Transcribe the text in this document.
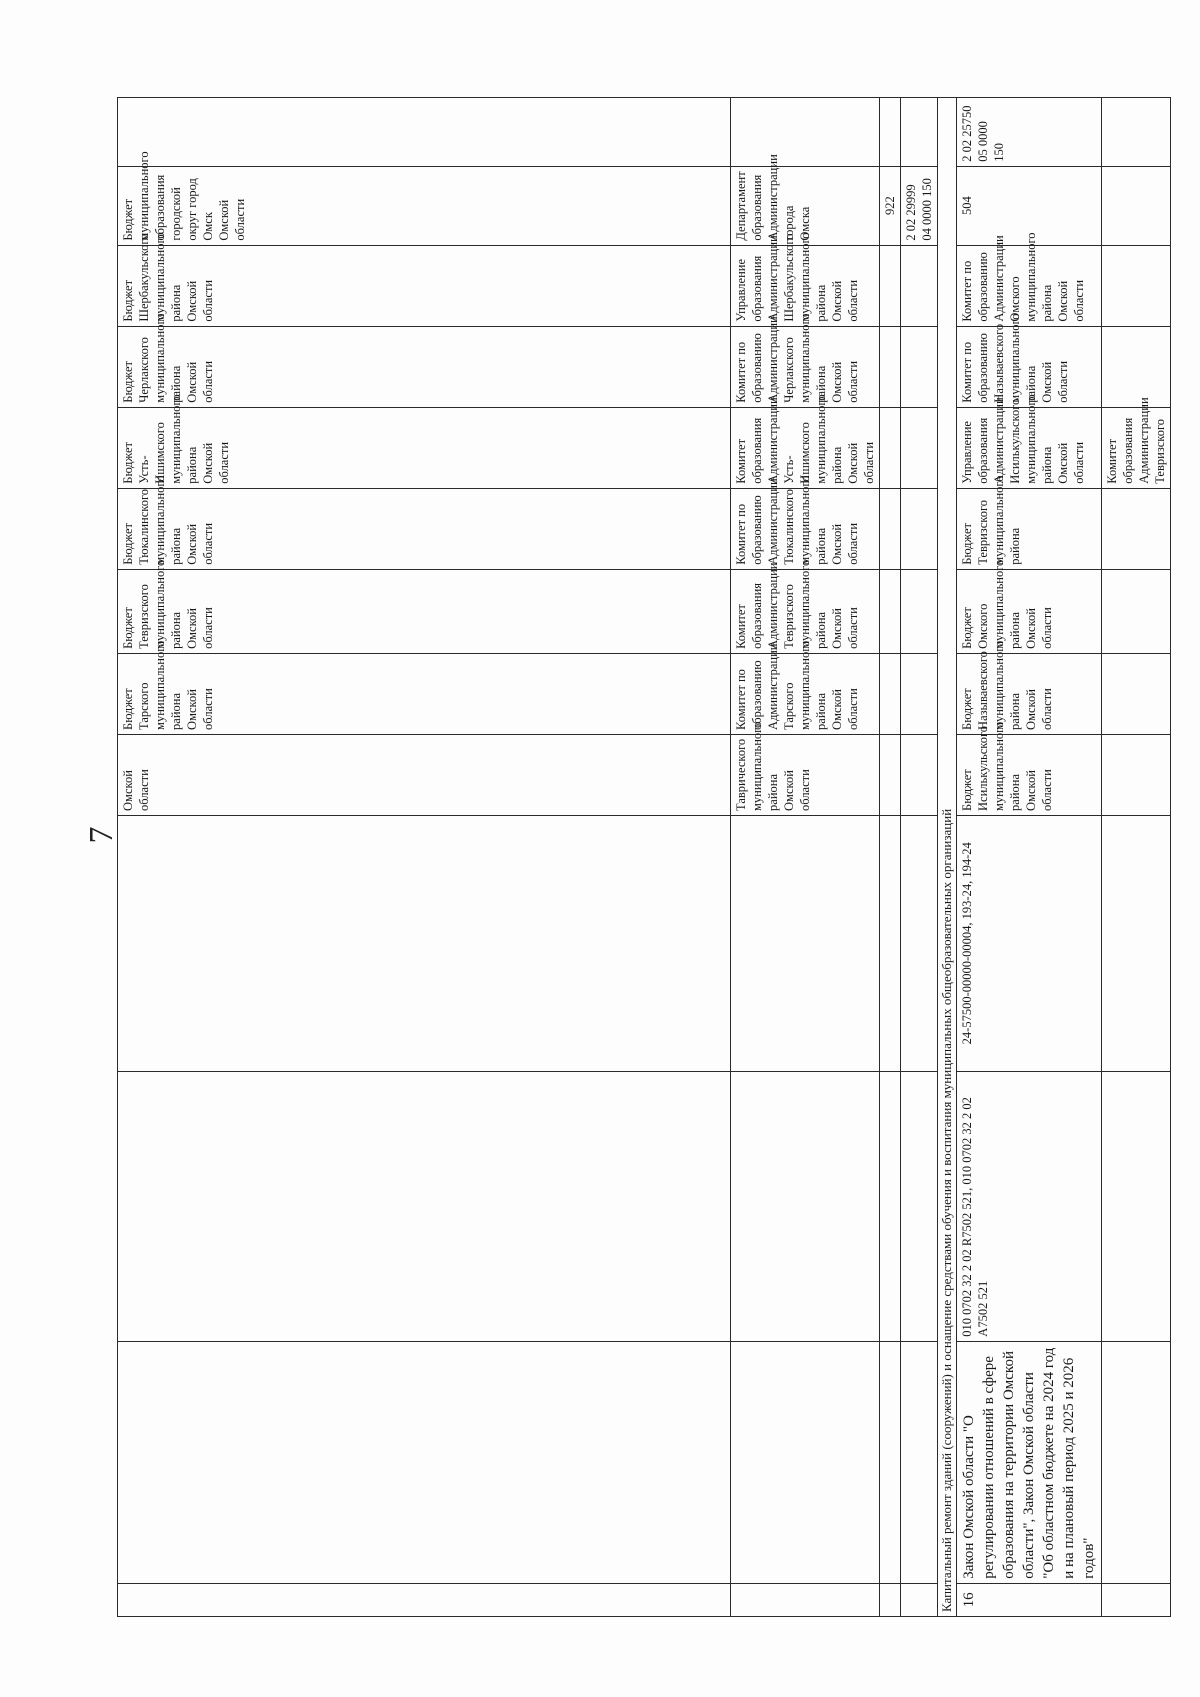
7
				Омской области	Бюджет Тарского муниципального района Омской области	Бюджет Тевризского муниципального района Омской области	Бюджет Тюкалинского муниципального района Омской области	Бюджет Усть-Ишимского муниципального района Омской области	Бюджет Черлакского муниципального района Омской области	Бюджет Шербакульского муниципального района Омской области	Бюджет муниципального образования городской округ город Омск Омской области	
				Таврического муниципального района Омской области	Комитет по образованию Администрации Тарского муниципального района Омской области	Комитет образования Администрации Тевризского муниципального района Омской области	Комитет по образованию Администрации Тюкалинского муниципального района Омской области	Комитет образования Администрации Усть-Ишимского муниципального района Омской области	Комитет по образованию Администрации Черлакского муниципального района Омской области	Управление образования Администрации Шербакульского муниципального района Омской области	Департамент образования Администрации города Омска	
											922	
											2 02 29999 04 0000 150	
Капитальный ремонт зданий (сооружений) и оснащение средствами обучения и воспитания муниципальных общеобразовательных организаций												
16	Закон Омской области "О регулировании отношений в сфере образования на территории Омской области", Закон Омской области "Об областном бюджете на 2024 год и на плановый период 2025 и 2026 годов"	010 0702 32 2 02 R7502 521, 010 0702 32 2 02 A7502 521	24-57500-00000-00004, 193-24, 194-24	Бюджет Исилькульского муниципального района Омской области	Бюджет Называевского муниципального района Омской области	Бюджет Омского муниципального района Омской области	Бюджет Тевризского муниципального района	Управление образования Администрации Исилькульского муниципального района Омской области	Комитет по образованию Называевского муниципального района Омской области	Комитет по образованию Администрации Омского муниципального района Омской области	504	2 02 25750 05 0000 150
								Комитет образования Администрации Тевризского				
